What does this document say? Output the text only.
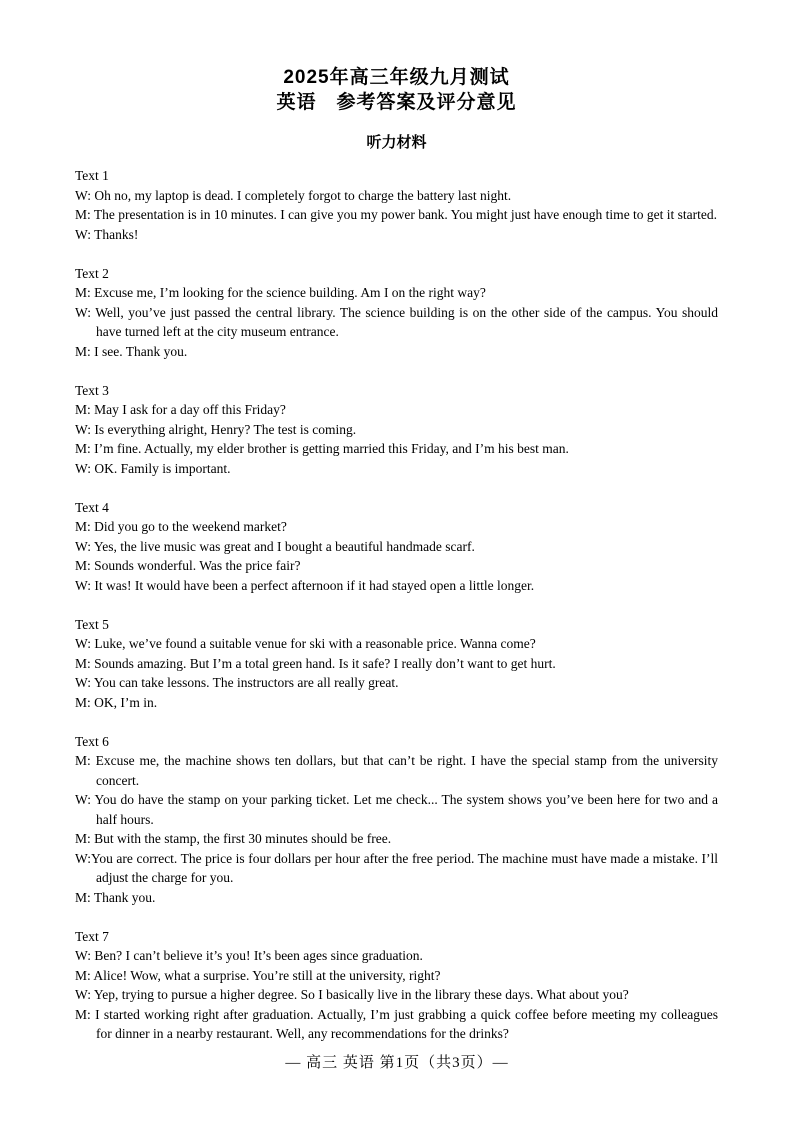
2025年高三年级九月测试
英语　参考答案及评分意见
听力材料
Text 1
W: Oh no, my laptop is dead. I completely forgot to charge the battery last night.
M: The presentation is in 10 minutes. I can give you my power bank. You might just have enough time to get it started.
W: Thanks!
Text 2
M: Excuse me, I’m looking for the science building. Am I on the right way?
W: Well, you’ve just passed the central library. The science building is on the other side of the campus. You should have turned left at the city museum entrance.
M: I see. Thank you.
Text 3
M: May I ask for a day off this Friday?
W: Is everything alright, Henry? The test is coming.
M: I’m fine. Actually, my elder brother is getting married this Friday, and I’m his best man.
W: OK. Family is important.
Text 4
M: Did you go to the weekend market?
W: Yes, the live music was great and I bought a beautiful handmade scarf.
M: Sounds wonderful. Was the price fair?
W: It was! It would have been a perfect afternoon if it had stayed open a little longer.
Text 5
W: Luke, we’ve found a suitable venue for ski with a reasonable price. Wanna come?
M: Sounds amazing. But I’m a total green hand. Is it safe? I really don’t want to get hurt.
W: You can take lessons. The instructors are all really great.
M: OK, I’m in.
Text 6
M: Excuse me, the machine shows ten dollars, but that can’t be right. I have the special stamp from the university concert.
W: You do have the stamp on your parking ticket. Let me check... The system shows you’ve been here for two and a half hours.
M: But with the stamp, the first 30 minutes should be free.
W:You are correct. The price is four dollars per hour after the free period. The machine must have made a mistake. I’ll adjust the charge for you.
M: Thank you.
Text 7
W: Ben? I can’t believe it’s you! It’s been ages since graduation.
M: Alice! Wow, what a surprise. You’re still at the university, right?
W: Yep, trying to pursue a higher degree. So I basically live in the library these days. What about you?
M: I started working right after graduation. Actually, I’m just grabbing a quick coffee before meeting my colleagues for dinner in a nearby restaurant. Well, any recommendations for the drinks?
— 高三 英语 第1页（共3页）—
